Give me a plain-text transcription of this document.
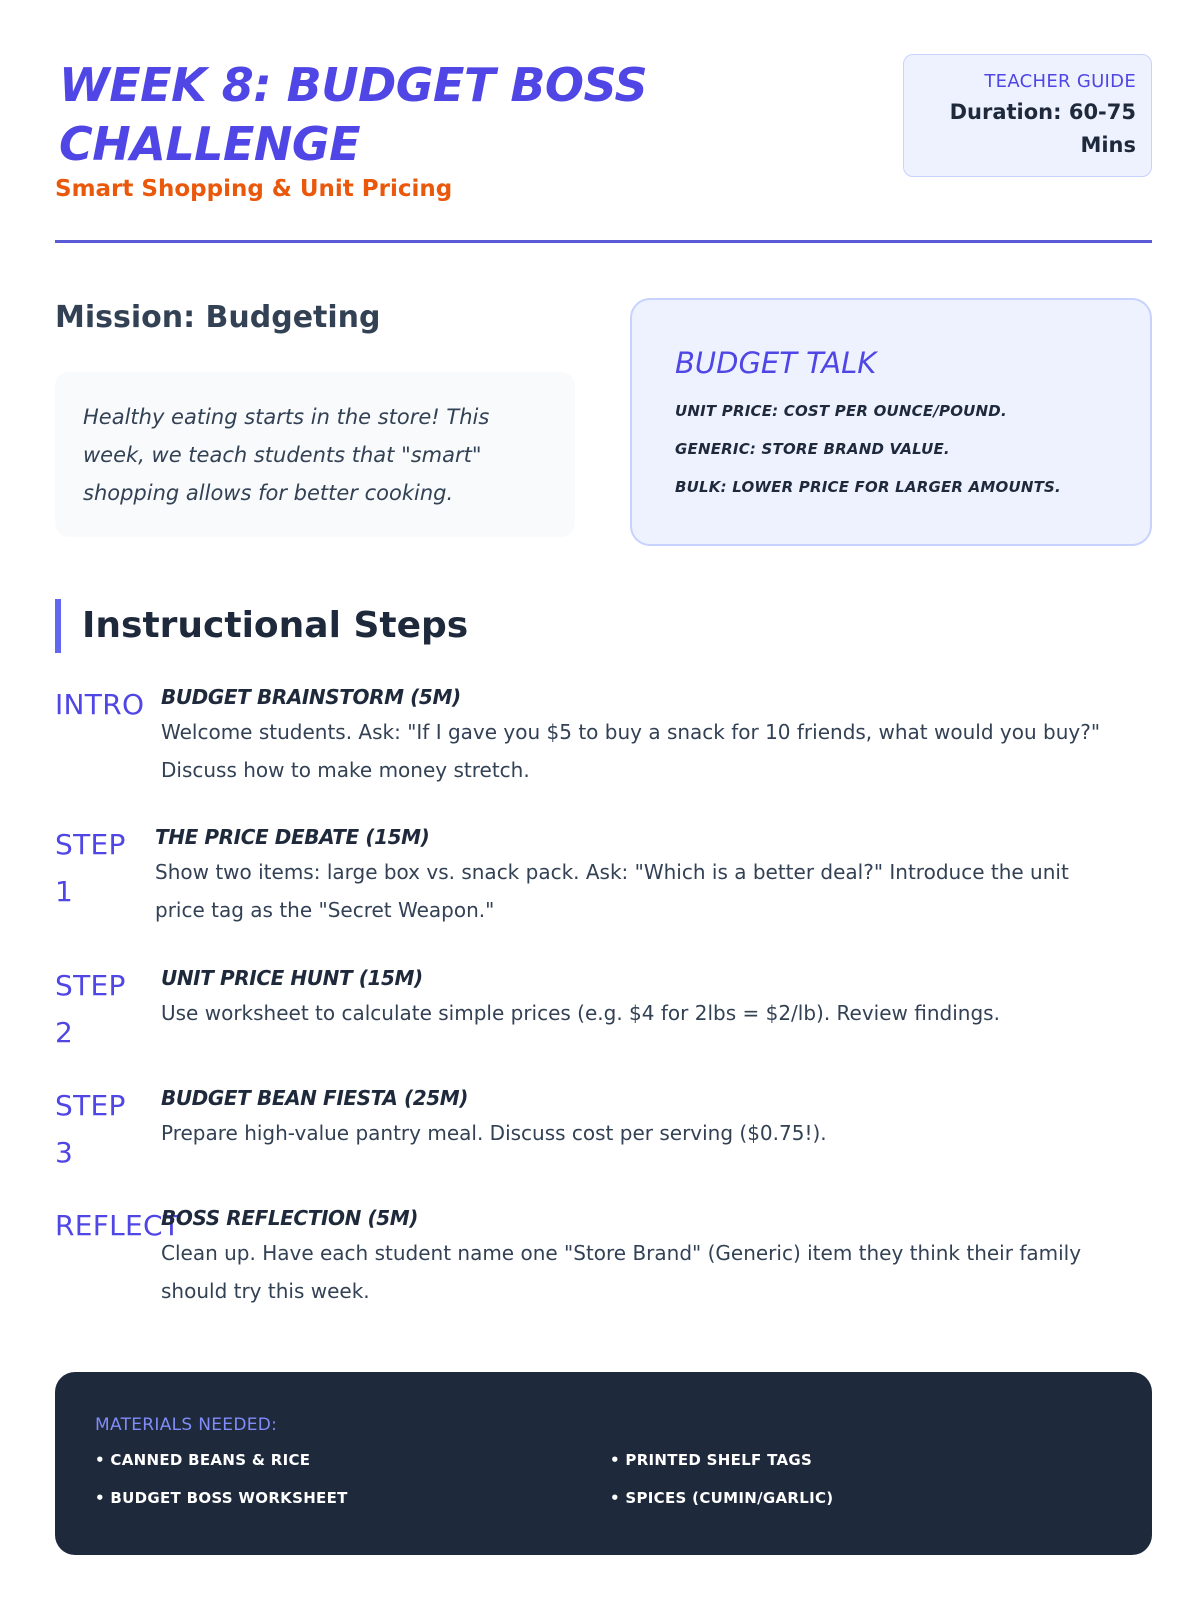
WEEK 8: BUDGET BOSS CHALLENGE
Smart Shopping & Unit Pricing
TEACHER GUIDE
Duration: 60-75 Mins
Mission: Budgeting

Healthy eating starts in the store! This week, we teach students that "smart" shopping allows for better cooking.

BUDGET TALK
UNIT PRICE: COST PER OUNCE/POUND.
GENERIC: STORE BRAND VALUE.
BULK: LOWER PRICE FOR LARGER AMOUNTS.
Instructional Steps
INTRO BUDGET BRAINSTORM (5M)
Welcome students. Ask: "If I gave you $5 to buy a snack for 10 friends, what would you buy?" Discuss how to make money stretch.
STEP 1
THE PRICE DEBATE (15M)
Show two items: large box vs. snack pack. Ask: "Which is a better deal?" Introduce the unit price tag as the "Secret Weapon."
STEP 2
UNIT PRICE HUNT (15M)
Use worksheet to calculate simple prices (e.g. $4 for 2lbs = $2/lb). Review findings.
STEP 3
BUDGET BEAN FIESTA (25M)
Prepare high-value pantry meal. Discuss cost per serving ($0.75!).
REFLECT
BOSS REFLECTION (5M)
Clean up. Have each student name one "Store Brand" (Generic) item they think their family should try this week.
MATERIALS NEEDED:
• CANNED BEANS & RICE	• PRINTED SHELF TAGS
• BUDGET BOSS WORKSHEET	• SPICES (CUMIN/GARLIC)
